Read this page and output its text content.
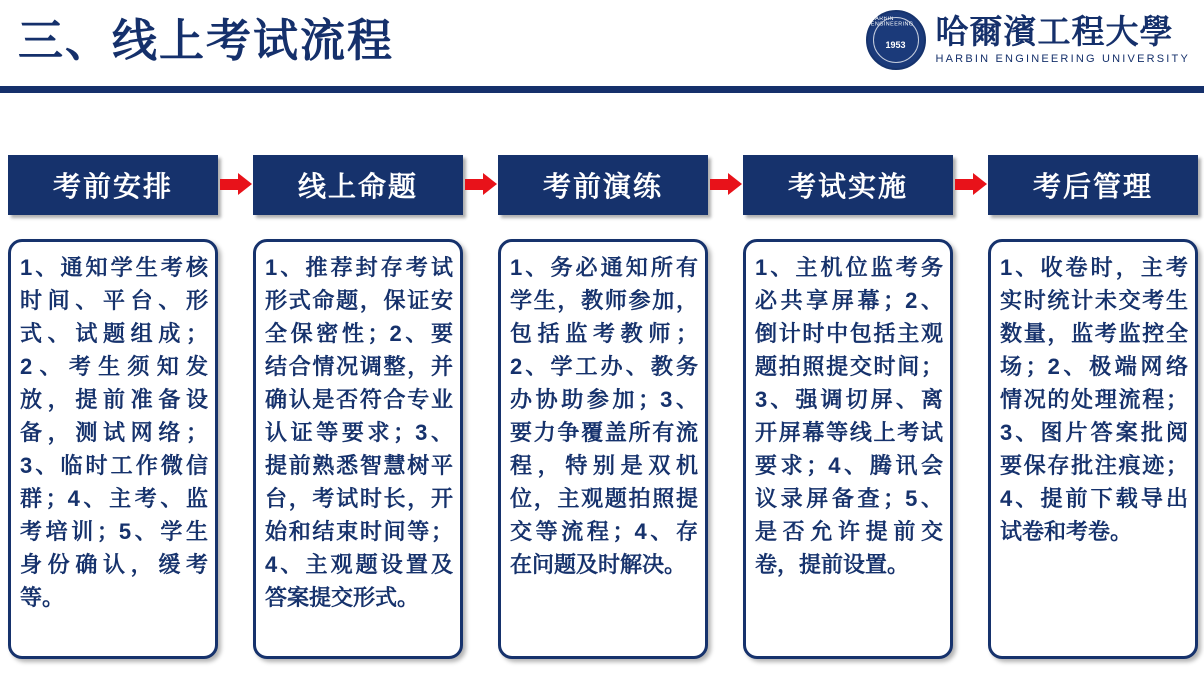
三、线上考试流程	HARBIN ENGINEERING
1953 哈爾濱工程大學
HARBIN ENGINEERING UNIVERSITY
考前安排

1、通知学生考核时间、平台、形式、试题组成；2、考生须知发放，提前准备设备，测试网络；3、临时工作微信群；4、主考、监考培训；5、学生身份确认，缓考等。

线上命题

1、推荐封存考试形式命题，保证安全保密性；2、要结合情况调整，并确认是否符合专业认证等要求；3、提前熟悉智慧树平台，考试时长，开始和结束时间等；4、主观题设置及答案提交形式。

考前演练

1、务必通知所有学生，教师参加，包括监考教师；2、学工办、教务办协助参加；3、要力争覆盖所有流程，特别是双机位，主观题拍照提交等流程；4、存在问题及时解决。

考试实施

1、主机位监考务必共享屏幕；2、倒计时中包括主观题拍照提交时间；3、强调切屏、离开屏幕等线上考试要求；4、腾讯会议录屏备查；5、是否允许提前交卷，提前设置。

考后管理

1、收卷时，主考实时统计未交考生数量，监考监控全场；2、极端网络情况的处理流程；3、图片答案批阅要保存批注痕迹；4、提前下载导出试卷和考卷。
